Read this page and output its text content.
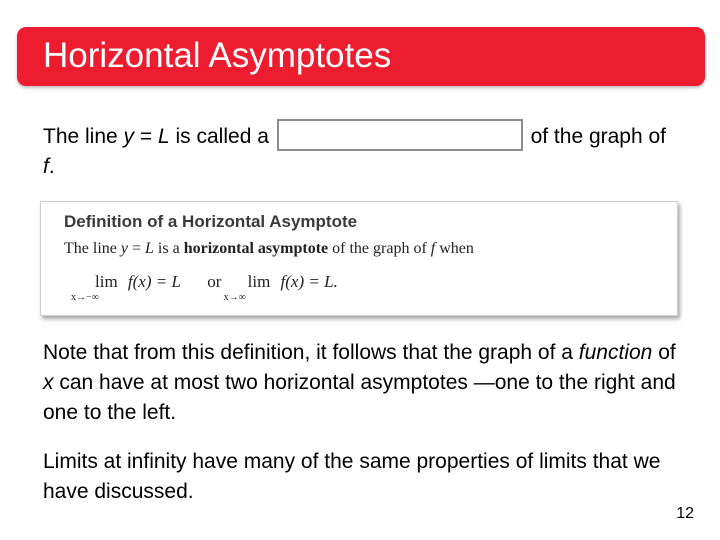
Horizontal Asymptotes
The line y = L is called a	of the graph of f.
Definition of a Horizontal Asymptote
The line y = L is a horizontal asymptote of the graph of f when
lim
x→−∞
f(x) = L or lim
x→∞
f(x) = L.
Note that from this definition, it follows that the graph of a function of x can have at most two horizontal asymptotes —one to the right and one to the left.
Limits at infinity have many of the same properties of limits that we have discussed.
12
